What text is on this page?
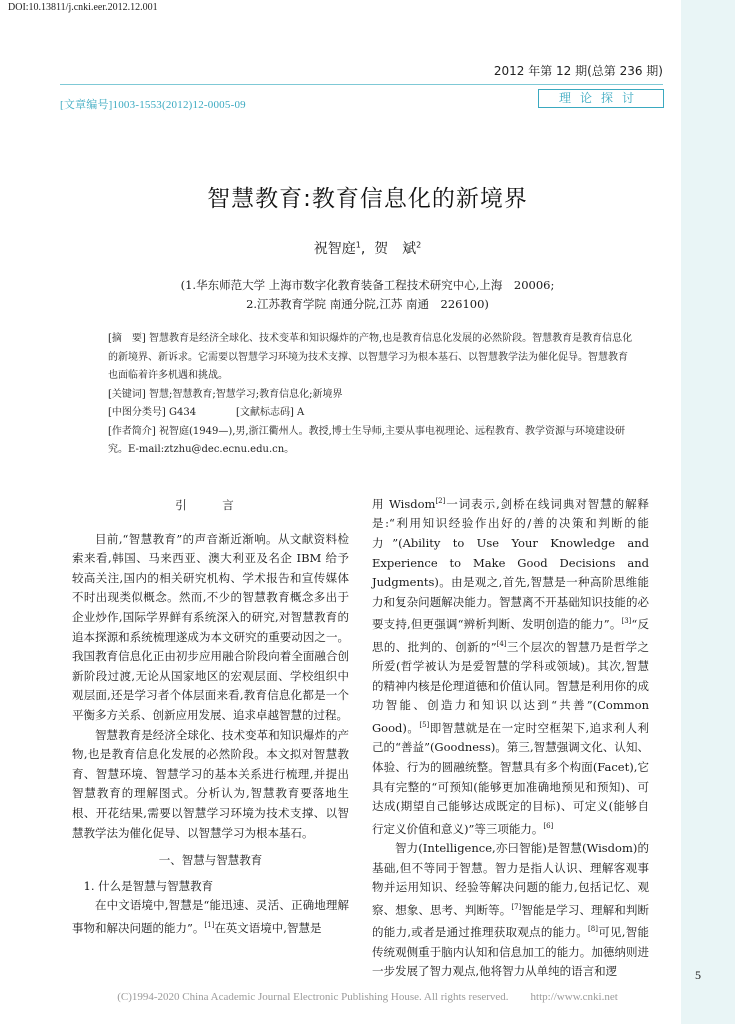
DOI:10.13811/j.cnki.eer.2012.12.001
2012 年第 12 期(总第 236 期)
[文章编号]1003-1553(2012)12-0005-09	理论探讨
智慧教育:教育信息化的新境界
祝智庭$^1$, 贺　斌$^2$
(1.华东师范大学 上海市数字化教育装备工程技术研究中心,上海　20006;
2.江苏教育学院 南通分院,江苏 南通　226100)

[摘　要] 智慧教育是经济全球化、技术变革和知识爆炸的产物,也是教育信息化发展的必然阶段。智慧教育是教育信息化的新境界、新诉求。它需要以智慧学习环境为技术支撑、以智慧学习为根本基石、以智慧教学法为催化促导。智慧教育也面临着许多机遇和挑战。

[关键词] 智慧;智慧教育;智慧学习;教育信息化;新境界

[中图分类号] G434　　　　[文献标志码] A

[作者简介] 祝智庭(1949—),男,浙江衢州人。教授,博士生导师,主要从事电视理论、远程教育、教学资源与环境建设研究。E-mail:ztzhu@dec.ecnu.edu.cn。

引　言

目前,“智慧教育”的声音渐近渐响。从文献资料检索来看,韩国、马来西亚、澳大利亚及名企 IBM 给予较高关注,国内的相关研究机构、学术报告和宣传媒体不时出现类似概念。然而,不少的智慧教育概念多出于企业炒作,国际学界鲜有系统深入的研究,对智慧教育的追本探源和系统梳理遂成为本文研究的重要动因之一。我国教育信息化正由初步应用融合阶段向着全面融合创新阶段过渡,无论从国家地区的宏观层面、学校组织中观层面,还是学习者个体层面来看,教育信息化都是一个平衡多方关系、创新应用发展、追求卓越智慧的过程。

智慧教育是经济全球化、技术变革和知识爆炸的产物,也是教育信息化发展的必然阶段。本文拟对智慧教育、智慧环境、智慧学习的基本关系进行梳理,并提出智慧教育的理解图式。分析认为,智慧教育要落地生根、开花结果,需要以智慧学习环境为技术支撑、以智慧教学法为催化促导、以智慧学习为根本基石。

一、智慧与智慧教育

1. 什么是智慧与智慧教育

在中文语境中,智慧是“能迅速、灵活、正确地理解事物和解决问题的能力”。[1]在英文语境中,智慧是

用 Wisdom[2]一词表示,剑桥在线词典对智慧的解释是:“利用知识经验作出好的/善的决策和判断的能力”(Ability to Use Your Knowledge and Experience to Make Good Decisions and Judgments)。由是观之,首先,智慧是一种高阶思维能力和复杂问题解决能力。智慧离不开基础知识技能的必要支持,但更强调“辨析判断、发明创造的能力”。[3]“反思的、批判的、创新的”[4]三个层次的智慧乃是哲学之所爱(哲学被认为是爱智慧的学科或领域)。其次,智慧的精神内核是伦理道德和价值认同。智慧是利用你的成功智能、创造力和知识以达到“共善”(Common Good)。[5]即智慧就是在一定时空框架下,追求利人利己的“善益”(Goodness)。第三,智慧强调文化、认知、体验、行为的圆融统整。智慧具有多个构面(Facet),它具有完整的“可预知(能够更加准确地预见和预知)、可达成(期望自己能够达成既定的目标)、可定义(能够自行定义价值和意义)”等三项能力。[6]

智力(Intelligence,亦曰智能)是智慧(Wisdom)的基础,但不等同于智慧。智力是指人认识、理解客观事物并运用知识、经验等解决问题的能力,包括记忆、观察、想象、思考、判断等。[7]智能是学习、理解和判断的能力,或者是通过推理获取观点的能力。[8]可见,智能传统观侧重于脑内认知和信息加工的能力。加德纳则进一步发展了智力观点,他将智力从单纯的语言和逻	5
(C)1994-2020 China Academic Journal Electronic Publishing House. All rights reserved.　　http://www.cnki.net
